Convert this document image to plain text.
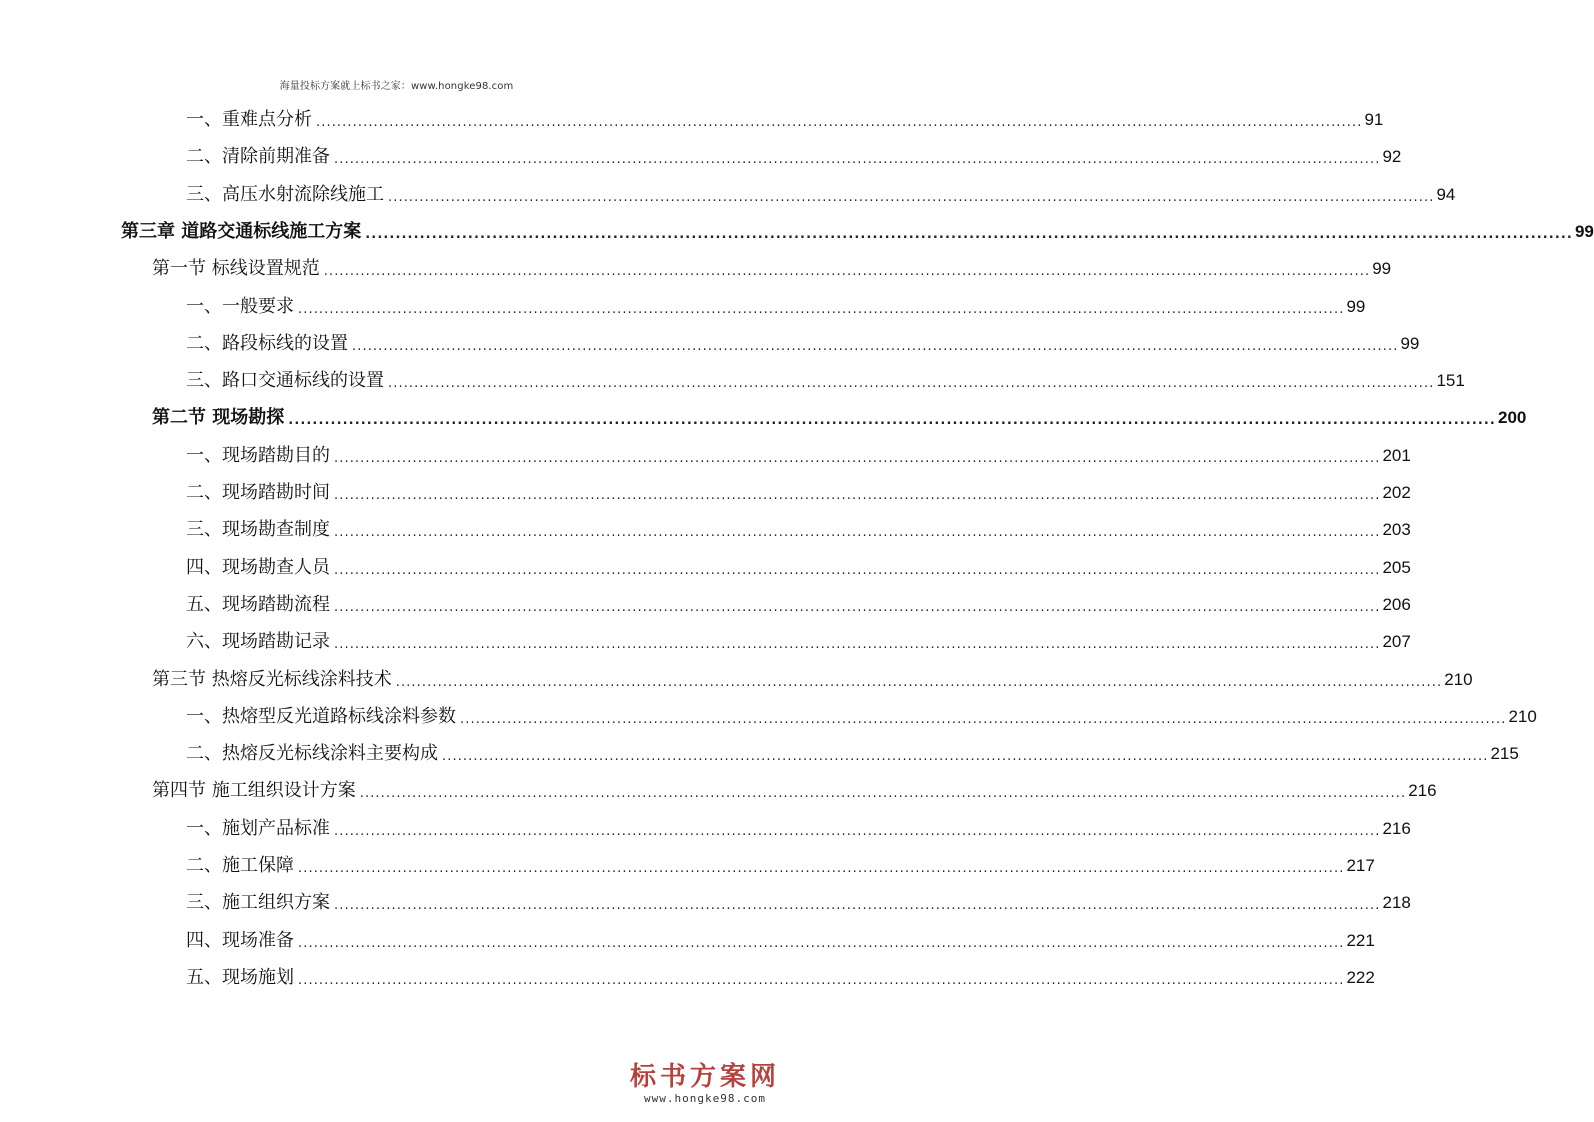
海量投标方案就上标书之家：www.hongke98.com
一、重难点分析 ........................................................................................................................................................................................................ 91
二、清除前期准备 ........................................................................................................................................................................................................ 92
三、高压水射流除线施工 ........................................................................................................................................................................................................ 94
第三章 道路交通标线施工方案 ........................................................................................................................................................................................................ 99
第一节 标线设置规范 ........................................................................................................................................................................................................ 99
一、一般要求 ........................................................................................................................................................................................................ 99
二、路段标线的设置 ........................................................................................................................................................................................................ 99
三、路口交通标线的设置 ........................................................................................................................................................................................................ 151
第二节 现场勘探 ........................................................................................................................................................................................................ 200
一、现场踏勘目的 ........................................................................................................................................................................................................ 201
二、现场踏勘时间 ........................................................................................................................................................................................................ 202
三、现场勘查制度 ........................................................................................................................................................................................................ 203
四、现场勘查人员 ........................................................................................................................................................................................................ 205
五、现场踏勘流程 ........................................................................................................................................................................................................ 206
六、现场踏勘记录 ........................................................................................................................................................................................................ 207
第三节 热熔反光标线涂料技术 ........................................................................................................................................................................................................ 210
一、热熔型反光道路标线涂料参数 ........................................................................................................................................................................................................ 210
二、热熔反光标线涂料主要构成 ........................................................................................................................................................................................................ 215
第四节 施工组织设计方案 ........................................................................................................................................................................................................ 216
一、施划产品标准 ........................................................................................................................................................................................................ 216
二、施工保障 ........................................................................................................................................................................................................ 217
三、施工组织方案 ........................................................................................................................................................................................................ 218
四、现场准备 ........................................................................................................................................................................................................ 221
五、现场施划 ........................................................................................................................................................................................................ 222
标书方案网
www.hongke98.com
